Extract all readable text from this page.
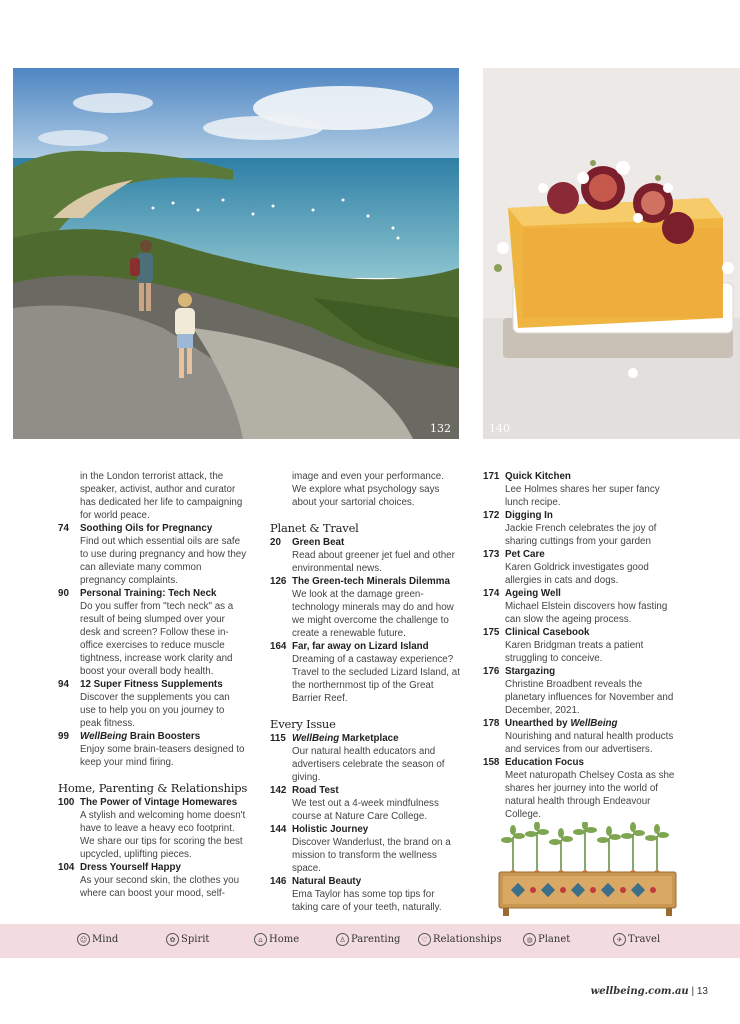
132	140
in the London terrorist attack, the speaker, activist, author and curator has dedicated her life to campaigning for world peace.
74	Soothing Oils for Pregnancy
Find out which essential oils are safe to use during pregnancy and how they can alleviate many common pregnancy complaints.
90	Personal Training: Tech Neck
Do you suffer from "tech neck" as a result of being slumped over your desk and screen? Follow these in-office exercises to reduce muscle tightness, increase work clarity and boost your overall body health.
94	12 Super Fitness Supplements
Discover the supplements you can use to help you on you journey to peak fitness.
99	WellBeing Brain Boosters
Enjoy some brain-teasers designed to keep your mind firing.
Home, Parenting & Relationships
100 The Power of Vintage Homewares
A stylish and welcoming home doesn't have to leave a heavy eco footprint. We share our tips for scoring the best upcycled, uplifting pieces.
104 Dress Yourself Happy
As your second skin, the clothes you where can boost your mood, self-
image and even your performance. We explore what psychology says about your sartorial choices.
Planet & Travel
20	Green Beat
Read about greener jet fuel and other environmental news.
126 The Green-tech Minerals Dilemma
We look at the damage green-technology minerals may do and how we might overcome the challenge to create a renewable future.
164 Far, far away on Lizard Island
Dreaming of a castaway experience? Travel to the secluded Lizard Island, at the northernmost tip of the Great Barrier Reef.
Every Issue
115 WellBeing Marketplace
Our natural health educators and advertisers celebrate the season of giving.
142 Road Test
We test out a 4-week mindfulness course at Nature Care College.
144 Holistic Journey
Discover Wanderlust, the brand on a mission to transform the wellness space.
146 Natural Beauty
Ema Taylor has some top tips for taking care of your teeth, naturally.
171 Quick Kitchen
Lee Holmes shares her super fancy lunch recipe.
172 Digging In
Jackie French celebrates the joy of sharing cuttings from your garden
173 Pet Care
Karen Goldrick investigates good allergies in cats and dogs.
174 Ageing Well
Michael Elstein discovers how fasting can slow the ageing process.
175 Clinical Casebook
Karen Bridgman treats a patient struggling to conceive.
176 Stargazing
Christine Broadbent reveals the planetary influences for November and December, 2021.
178 Unearthed by WellBeing
Nourishing and natural health products and services from our advertisers.
158 Education Focus
Meet naturopath Chelsey Costa as she shares her journey into the world of natural health through Endeavour College.
☺ Mind	✿ Spirit	⌂ Home	♙ Parenting	♡ Relationships	◍ Planet	✈ Travel
wellbeing.com.au | 13
